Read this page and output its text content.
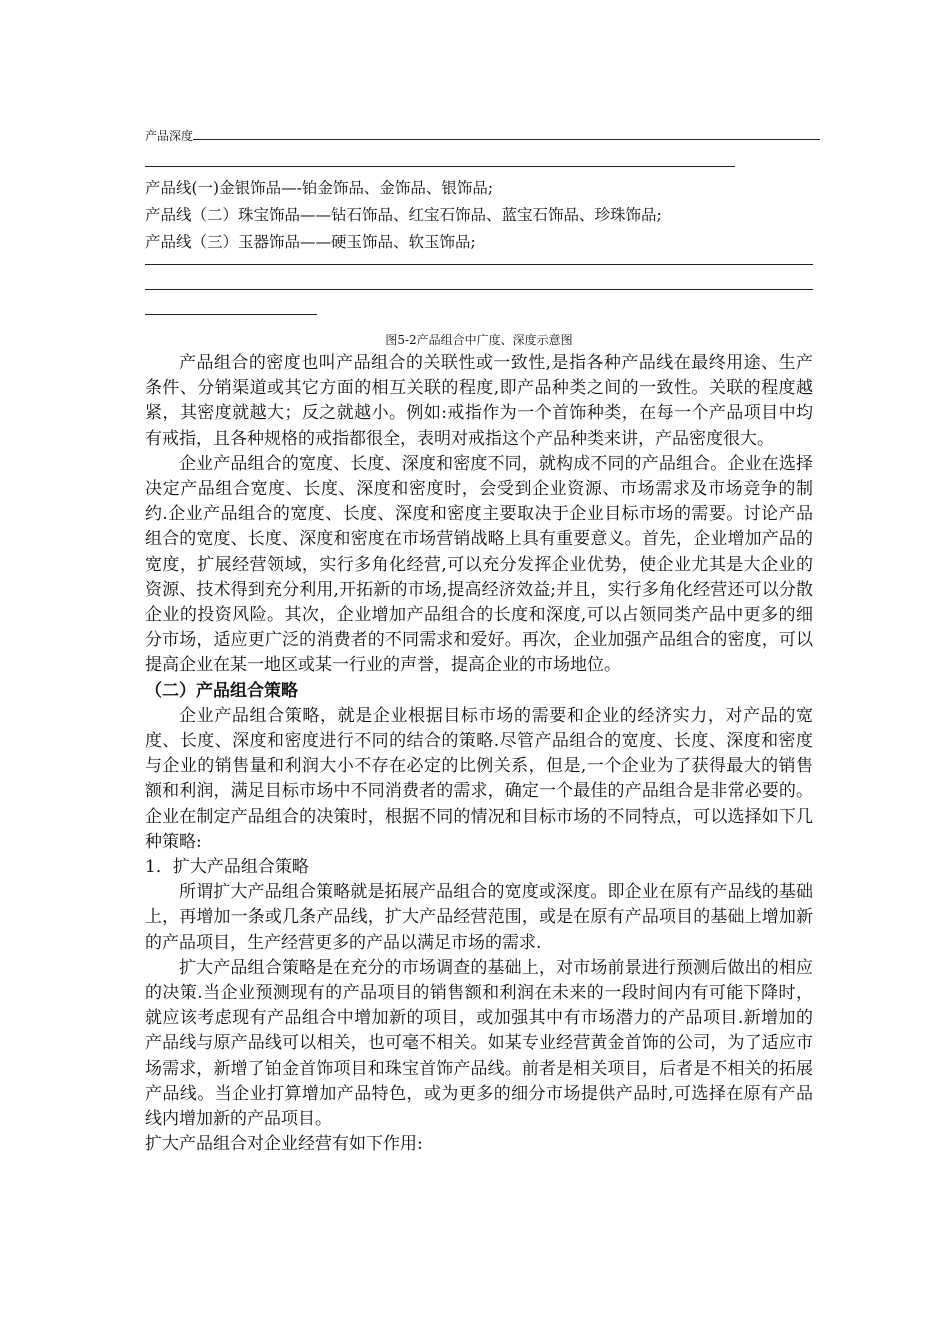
产品深度
产品线(一)金银饰品—-铂金饰品、金饰品、银饰品;
产品线（二）珠宝饰品——钻石饰品、红宝石饰品、蓝宝石饰品、珍珠饰品;
产品线（三）玉器饰品——硬玉饰品、软玉饰品;
图5-2产品组合中广度、深度示意图

产品组合的密度也叫产品组合的关联性或一致性,是指各种产品线在最终用途、生产条件、分销渠道或其它方面的相互关联的程度,即产品种类之间的一致性。关联的程度越紧，其密度就越大；反之就越小。例如:戒指作为一个首饰种类，在每一个产品项目中均有戒指，且各种规格的戒指都很全，表明对戒指这个产品种类来讲，产品密度很大。

企业产品组合的宽度、长度、深度和密度不同，就构成不同的产品组合。企业在选择决定产品组合宽度、长度、深度和密度时，会受到企业资源、市场需求及市场竞争的制约.企业产品组合的宽度、长度、深度和密度主要取决于企业目标市场的需要。讨论产品组合的宽度、长度、深度和密度在市场营销战略上具有重要意义。首先，企业增加产品的宽度，扩展经营领域，实行多角化经营,可以充分发挥企业优势，使企业尤其是大企业的资源、技术得到充分利用,开拓新的市场,提高经济效益;并且，实行多角化经营还可以分散企业的投资风险。其次，企业增加产品组合的长度和深度,可以占领同类产品中更多的细分市场，适应更广泛的消费者的不同需求和爱好。再次，企业加强产品组合的密度，可以提高企业在某一地区或某一行业的声誉，提高企业的市场地位。

（二）产品组合策略

企业产品组合策略，就是企业根据目标市场的需要和企业的经济实力，对产品的宽度、长度、深度和密度进行不同的结合的策略.尽管产品组合的宽度、长度、深度和密度与企业的销售量和利润大小不存在必定的比例关系，但是,一个企业为了获得最大的销售额和利润，满足目标市场中不同消费者的需求，确定一个最佳的产品组合是非常必要的。企业在制定产品组合的决策时，根据不同的情况和目标市场的不同特点，可以选择如下几种策略:

1．扩大产品组合策略

所谓扩大产品组合策略就是拓展产品组合的宽度或深度。即企业在原有产品线的基础上，再增加一条或几条产品线，扩大产品经营范围，或是在原有产品项目的基础上增加新的产品项目，生产经营更多的产品以满足市场的需求.

扩大产品组合策略是在充分的市场调查的基础上，对市场前景进行预测后做出的相应的决策.当企业预测现有的产品项目的销售额和利润在未来的一段时间内有可能下降时，就应该考虑现有产品组合中增加新的项目，或加强其中有市场潜力的产品项目.新增加的产品线与原产品线可以相关，也可毫不相关。如某专业经营黄金首饰的公司，为了适应市场需求，新增了铂金首饰项目和珠宝首饰产品线。前者是相关项目，后者是不相关的拓展产品线。当企业打算增加产品特色，或为更多的细分市场提供产品时,可选择在原有产品线内增加新的产品项目。

扩大产品组合对企业经营有如下作用:
